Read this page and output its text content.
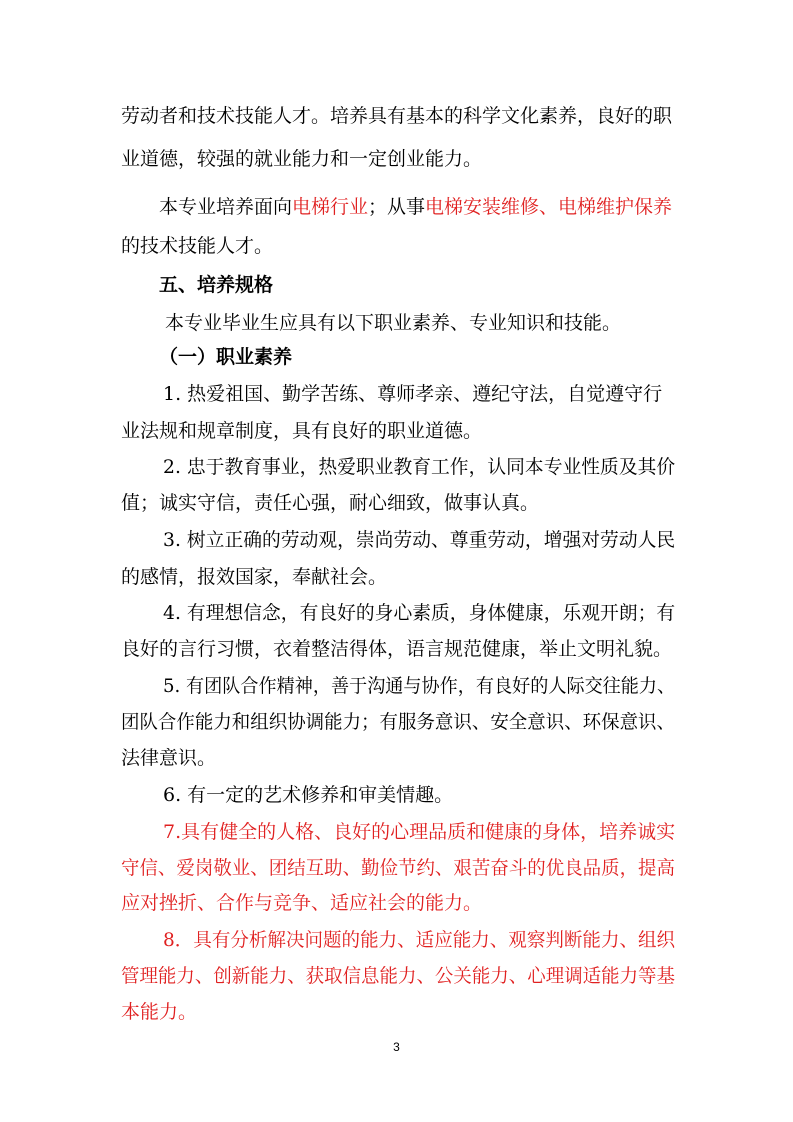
劳动者和技术技能人才。培养具有基本的科学文化素养，良好的职
业道德，较强的就业能力和一定创业能力。
本专业培养面向电梯行业；从事电梯安装维修、电梯维护保养
的技术技能人才。
五、培养规格
本专业毕业生应具有以下职业素养、专业知识和技能。
（一）职业素养
1. 热爱祖国、勤学苦练、尊师孝亲、遵纪守法，自觉遵守行
业法规和规章制度，具有良好的职业道德。
2. 忠于教育事业，热爱职业教育工作，认同本专业性质及其价
值；诚实守信，责任心强，耐心细致，做事认真。
3. 树立正确的劳动观，崇尚劳动、尊重劳动，增强对劳动人民
的感情，报效国家，奉献社会。
4. 有理想信念，有良好的身心素质，身体健康，乐观开朗；有
良好的言行习惯，衣着整洁得体，语言规范健康，举止文明礼貌。
5. 有团队合作精神，善于沟通与协作，有良好的人际交往能力、
团队合作能力和组织协调能力；有服务意识、安全意识、环保意识、
法律意识。
6. 有一定的艺术修养和审美情趣。
7.具有健全的人格、良好的心理品质和健康的身体，培养诚实
守信、爱岗敬业、团结互助、勤俭节约、艰苦奋斗的优良品质，提高
应对挫折、合作与竞争、适应社会的能力。
8．具有分析解决问题的能力、适应能力、观察判断能力、组织
管理能力、创新能力、获取信息能力、公关能力、心理调适能力等基
本能力。
3
